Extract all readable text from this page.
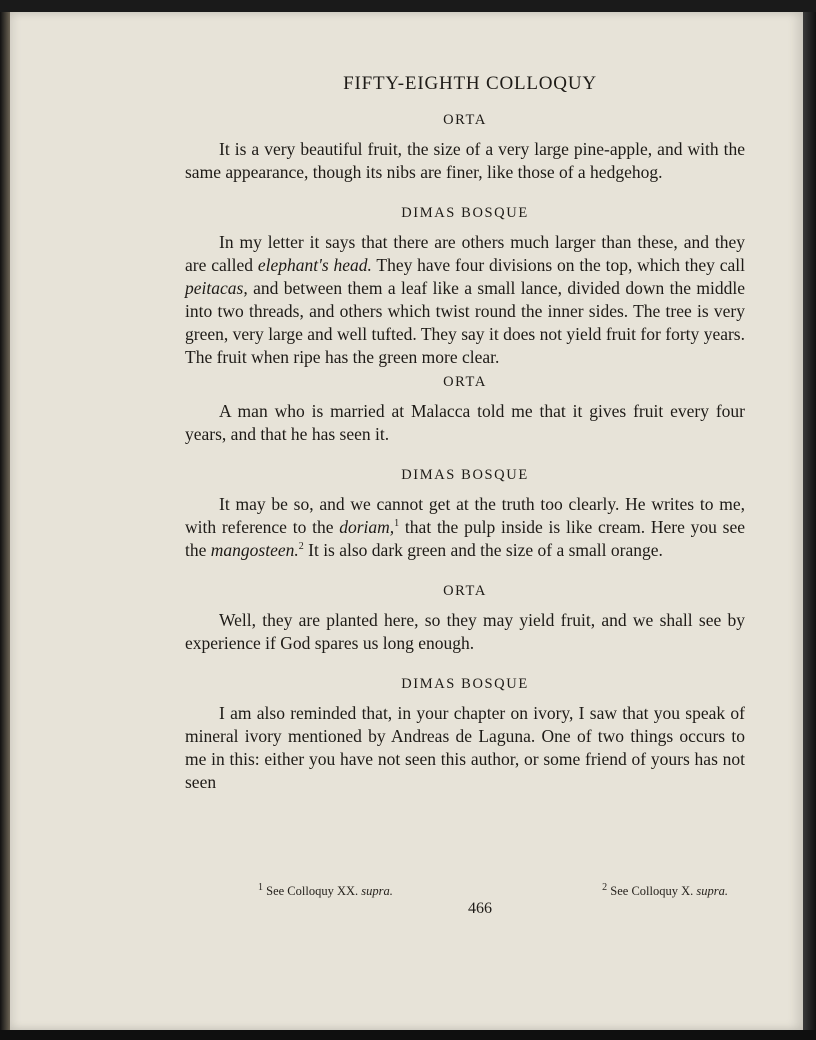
FIFTY-EIGHTH COLLOQUY
ORTA

It is a very beautiful fruit, the size of a very large pine-apple, and with the same appearance, though its nibs are finer, like those of a hedgehog.

DIMAS BOSQUE

In my letter it says that there are others much larger than these, and they are called elephant's head. They have four divisions on the top, which they call peitacas, and between them a leaf like a small lance, divided down the middle into two threads, and others which twist round the inner sides. The tree is very green, very large and well tufted. They say it does not yield fruit for forty years. The fruit when ripe has the green more clear.

ORTA

A man who is married at Malacca told me that it gives fruit every four years, and that he has seen it.

DIMAS BOSQUE

It may be so, and we cannot get at the truth too clearly. He writes to me, with reference to the doriam,$^1$ that the pulp inside is like cream. Here you see the mangosteen.$^2$ It is also dark green and the size of a small orange.

ORTA

Well, they are planted here, so they may yield fruit, and we shall see by experience if God spares us long enough.

DIMAS BOSQUE

I am also reminded that, in your chapter on ivory, I saw that you speak of mineral ivory mentioned by Andreas de Laguna. One of two things occurs to me in this: either you have not seen this author, or some friend of yours has not seen

$^1$ See Colloquy XX. supra.	$^2$ See Colloquy X. supra.
466
